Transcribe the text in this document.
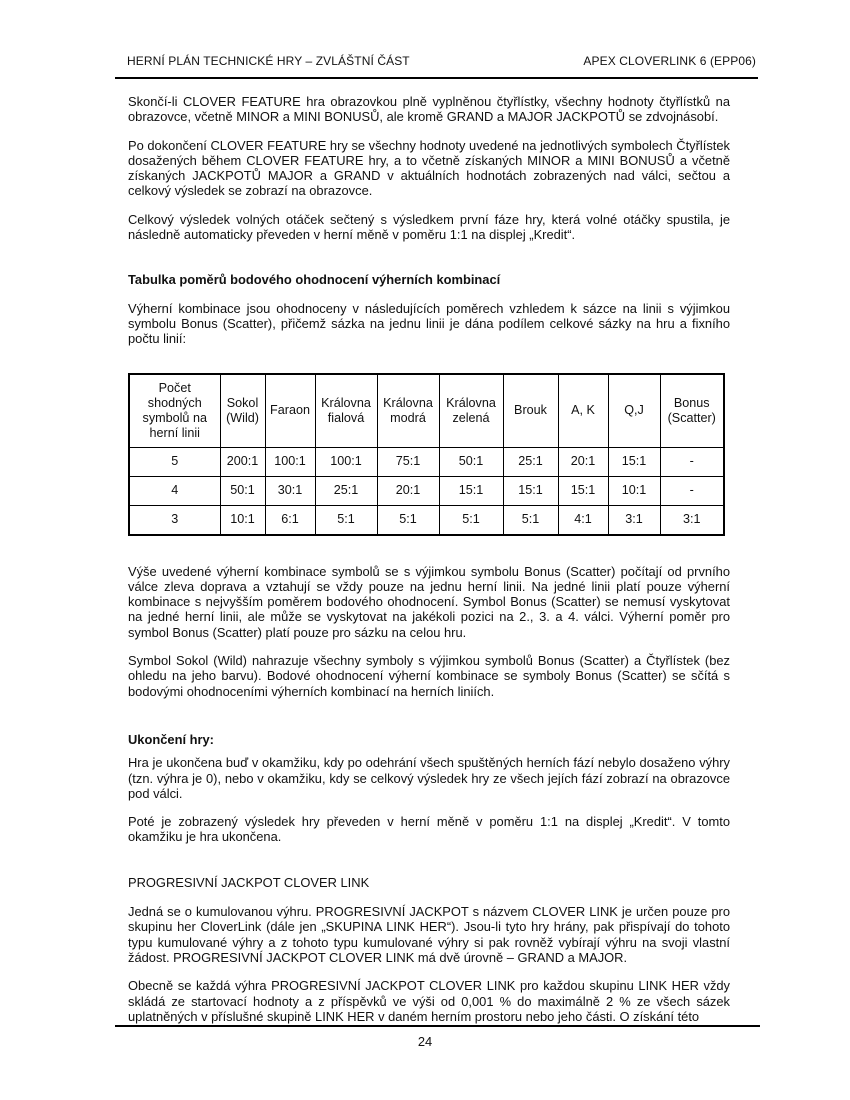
HERNÍ PLÁN TECHNICKÉ HRY – ZVLÁŠTNÍ ČÁST	APEX CLOVERLINK 6 (EPP06)

Skončí-li CLOVER FEATURE hra obrazovkou plně vyplněnou čtyřlístky, všechny hodnoty čtyřlístků na obrazovce, včetně MINOR a MINI BONUSŮ, ale kromě GRAND a MAJOR JACKPOTŮ se zdvojnásobí.

Po dokončení CLOVER FEATURE hry se všechny hodnoty uvedené na jednotlivých symbolech Čtyřlístek dosažených během CLOVER FEATURE hry, a to včetně získaných MINOR a MINI BONUSŮ a včetně získaných JACKPOTŮ MAJOR a GRAND v aktuálních hodnotách zobrazených nad válci, sečtou a celkový výsledek se zobrazí na obrazovce.

Celkový výsledek volných otáček sečtený s výsledkem první fáze hry, která volné otáčky spustila, je následně automaticky převeden v herní měně v poměru 1:1 na displej „Kredit“.

Tabulka poměrů bodového ohodnocení výherních kombinací

Výherní kombinace jsou ohodnoceny v následujících poměrech vzhledem k sázce na linii s výjimkou symbolu Bonus (Scatter), přičemž sázka na jednu linii je dána podílem celkové sázky na hru a fixního počtu linií:

Počet shodných symbolů na herní linii	Sokol (Wild)	Faraon	Královna fialová	Královna modrá	Královna zelená	Brouk	A, K	Q,J	Bonus (Scatter)
5	200:1	100:1	100:1	75:1	50:1	25:1	20:1	15:1	-
4	50:1	30:1	25:1	20:1	15:1	15:1	15:1	10:1	-
3	10:1	6:1	5:1	5:1	5:1	5:1	4:1	3:1	3:1

Výše uvedené výherní kombinace symbolů se s výjimkou symbolu Bonus (Scatter) počítají od prvního válce zleva doprava a vztahují se vždy pouze na jednu herní linii. Na jedné linii platí pouze výherní kombinace s nejvyšším poměrem bodového ohodnocení. Symbol Bonus (Scatter) se nemusí vyskytovat na jedné herní linii, ale může se vyskytovat na jakékoli pozici na 2., 3. a 4. válci. Výherní poměr pro symbol Bonus (Scatter) platí pouze pro sázku na celou hru.

Symbol Sokol (Wild) nahrazuje všechny symboly s výjimkou symbolů Bonus (Scatter) a Čtyřlístek (bez ohledu na jeho barvu). Bodové ohodnocení výherní kombinace se symboly Bonus (Scatter) se sčítá s bodovými ohodnoceními výherních kombinací na herních liniích.

Ukončení hry:

Hra je ukončena buď v okamžiku, kdy po odehrání všech spuštěných herních fází nebylo dosaženo výhry (tzn. výhra je 0), nebo v okamžiku, kdy se celkový výsledek hry ze všech jejích fází zobrazí na obrazovce pod válci.

Poté je zobrazený výsledek hry převeden v herní měně v poměru 1:1 na displej „Kredit“. V tomto okamžiku je hra ukončena.

PROGRESIVNÍ JACKPOT CLOVER LINK

Jedná se o kumulovanou výhru. PROGRESIVNÍ JACKPOT s názvem CLOVER LINK je určen pouze pro skupinu her CloverLink (dále jen „SKUPINA LINK HER“). Jsou-li tyto hry hrány, pak přispívají do tohoto typu kumulované výhry a z tohoto typu kumulované výhry si pak rovněž vybírají výhru na svoji vlastní žádost. PROGRESIVNÍ JACKPOT CLOVER LINK má dvě úrovně – GRAND a MAJOR.

Obecně se každá výhra PROGRESIVNÍ JACKPOT CLOVER LINK pro každou skupinu LINK HER vždy skládá ze startovací hodnoty a z příspěvků ve výši od 0,001 % do maximálně 2 % ze všech sázek uplatněných v příslušné skupině LINK HER v daném herním prostoru nebo jeho části. O získání této

24
